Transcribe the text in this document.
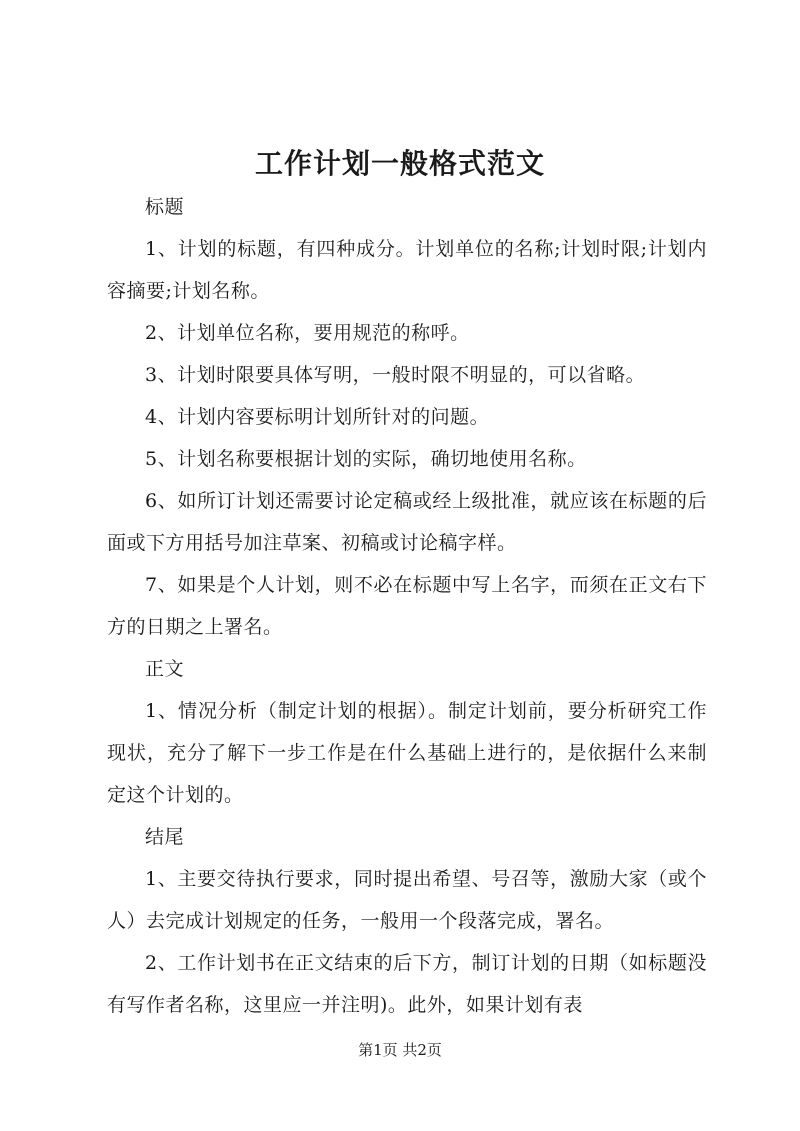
工作计划一般格式范文

标题

1、计划的标题，有四种成分。计划单位的名称;计划时限;计划内容摘要;计划名称。

2、计划单位名称，要用规范的称呼。

3、计划时限要具体写明，一般时限不明显的，可以省略。

4、计划内容要标明计划所针对的问题。

5、计划名称要根据计划的实际，确切地使用名称。

6、如所订计划还需要讨论定稿或经上级批准，就应该在标题的后面或下方用括号加注草案、初稿或讨论稿字样。

7、如果是个人计划，则不必在标题中写上名字，而须在正文右下方的日期之上署名。

正文

1、情况分析（制定计划的根据）。制定计划前，要分析研究工作现状，充分了解下一步工作是在什么基础上进行的，是依据什么来制定这个计划的。

结尾

1、主要交待执行要求，同时提出希望、号召等，激励大家（或个人）去完成计划规定的任务，一般用一个段落完成，署名。

2、工作计划书在正文结束的后下方，制订计划的日期（如标题没有写作者名称，这里应一并注明)。此外，如果计划有表

第1页 共2页
